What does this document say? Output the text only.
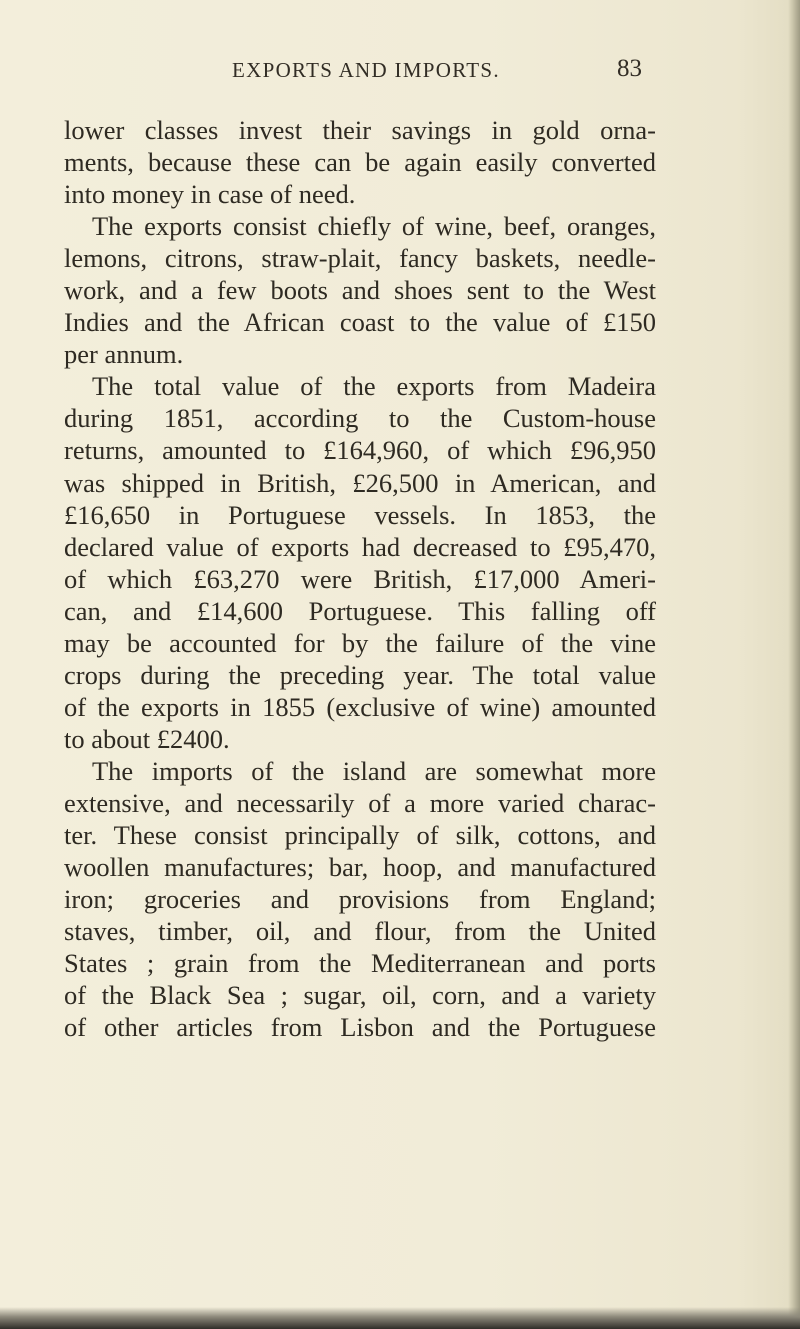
EXPORTS AND IMPORTS.	83
lower classes invest their savings in gold orna-
ments, because these can be again easily converted
into money in case of need.
The exports consist chiefly of wine, beef, oranges,
lemons, citrons, straw-plait, fancy baskets, needle-
work, and a few boots and shoes sent to the West
Indies and the African coast to the value of £150
per annum.
The total value of the exports from Madeira
during 1851, according to the Custom-house
returns, amounted to £164,960, of which £96,950
was shipped in British, £26,500 in American, and
£16,650 in Portuguese vessels. In 1853, the
declared value of exports had decreased to £95,470,
of which £63,270 were British, £17,000 Ameri-
can, and £14,600 Portuguese. This falling off
may be accounted for by the failure of the vine
crops during the preceding year. The total value
of the exports in 1855 (exclusive of wine) amounted
to about £2400.
The imports of the island are somewhat more
extensive, and necessarily of a more varied charac-
ter. These consist principally of silk, cottons, and
woollen manufactures; bar, hoop, and manufactured
iron; groceries and provisions from England;
staves, timber, oil, and flour, from the United
States ; grain from the Mediterranean and ports
of the Black Sea ; sugar, oil, corn, and a variety
of other articles from Lisbon and the Portuguese
